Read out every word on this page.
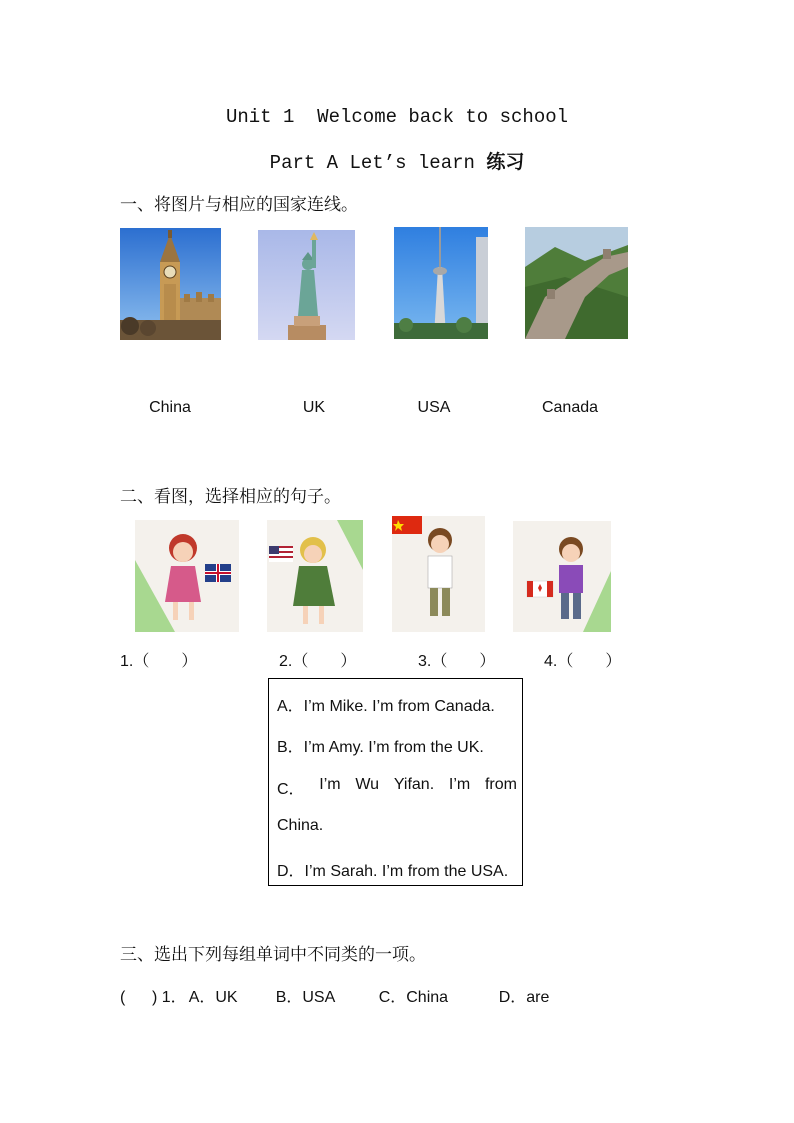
Unit 1  Welcome back to school
Part A Let’s learn 练习
一、将图片与相应的国家连线。
China	UK	USA	Canada
二、看图，选择相应的句子。
1.（　　）	2.（　　）	3.（　　）	4.（　　）
A．I’m Mike. I’m from Canada.
B．I’m Amy. I’m from the UK.
C． I’m Wu Yifan. I’m from
China.
D．I’m Sarah. I’m from the USA.
三、选出下列每组单词中不同类的一项。
(      ) 1． A．UK B．USA	C．China	D．are
